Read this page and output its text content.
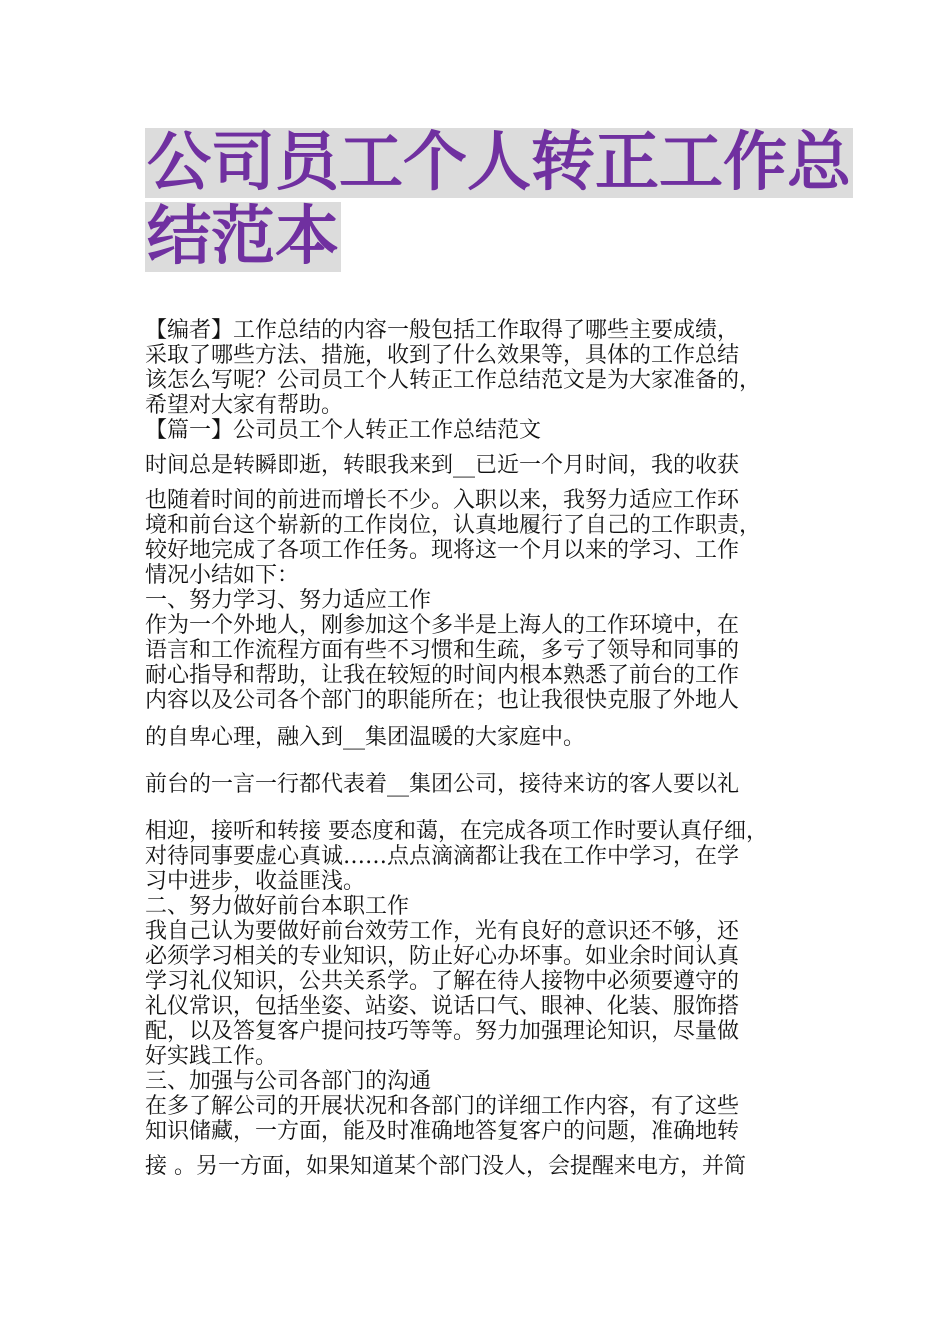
公司员工个人转正工作总
结范本

【编者】工作总结的内容一般包括工作取得了哪些主要成绩，

采取了哪些方法、措施，收到了什么效果等，具体的工作总结

该怎么写呢？公司员工个人转正工作总结范文是为大家准备的，

希望对大家有帮助。

【篇一】公司员工个人转正工作总结范文

时间总是转瞬即逝，转眼我来到__已近一个月时间，我的收获

也随着时间的前进而增长不少。入职以来，我努力适应工作环

境和前台这个崭新的工作岗位，认真地履行了自己的工作职责，

较好地完成了各项工作任务。现将这一个月以来的学习、工作

情况小结如下：

一、努力学习、努力适应工作

作为一个外地人，刚参加这个多半是上海人的工作环境中，在

语言和工作流程方面有些不习惯和生疏，多亏了领导和同事的

耐心指导和帮助，让我在较短的时间内根本熟悉了前台的工作

内容以及公司各个部门的职能所在；也让我很快克服了外地人

的自卑心理，融入到__集团温暖的大家庭中。

前台的一言一行都代表着__集团公司，接待来访的客人要以礼

相迎，接听和转接 要态度和蔼，在完成各项工作时要认真仔细，

对待同事要虚心真诚……点点滴滴都让我在工作中学习，在学

习中进步，收益匪浅。

二、努力做好前台本职工作

我自己认为要做好前台效劳工作，光有良好的意识还不够，还

必须学习相关的专业知识，防止好心办坏事。如业余时间认真

学习礼仪知识，公共关系学。了解在待人接物中必须要遵守的

礼仪常识，包括坐姿、站姿、说话口气、眼神、化装、服饰搭

配，以及答复客户提问技巧等等。努力加强理论知识，尽量做

好实践工作。

三、加强与公司各部门的沟通

在多了解公司的开展状况和各部门的详细工作内容，有了这些

知识储藏，一方面，能及时准确地答复客户的问题，准确地转

接 。另一方面，如果知道某个部门没人，会提醒来电方，并简
